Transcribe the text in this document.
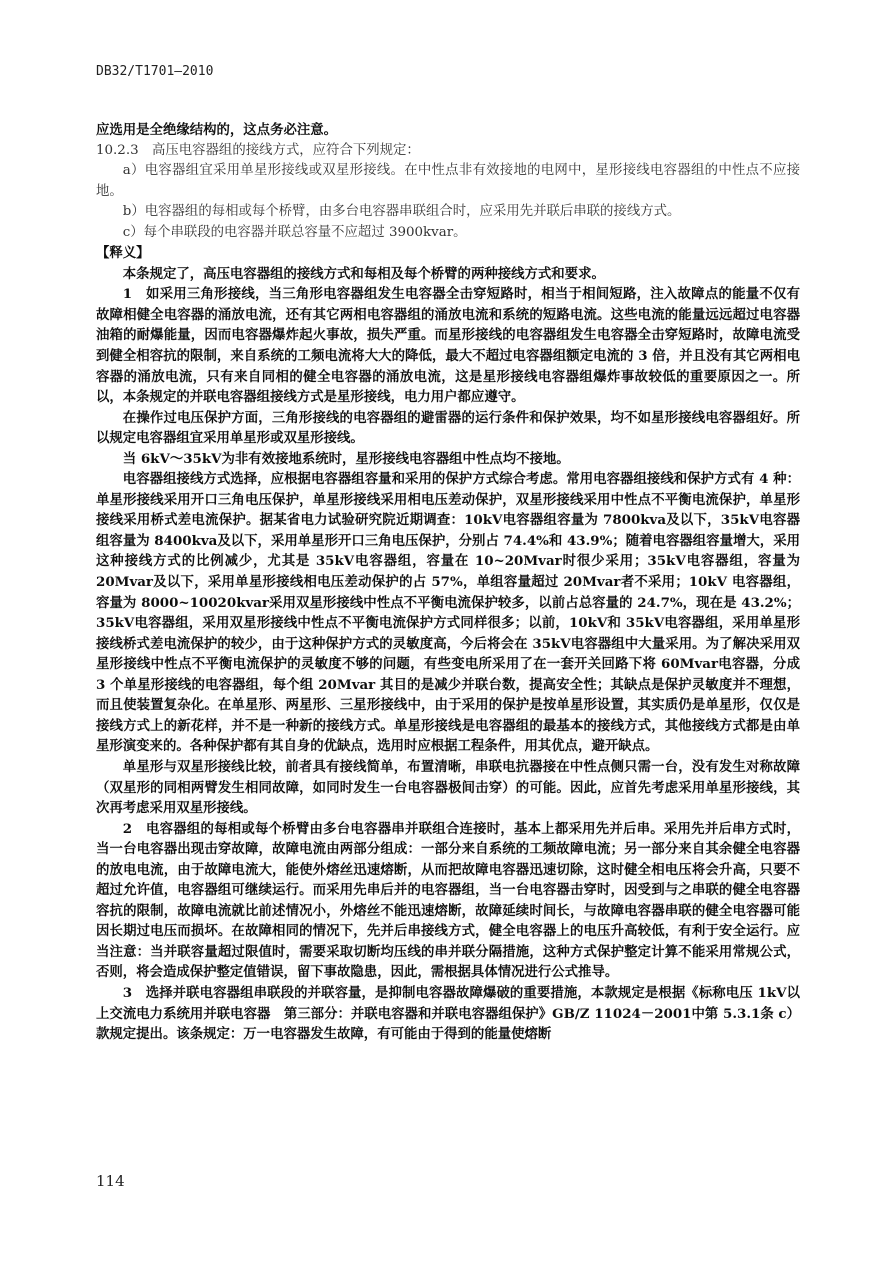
DB32/T1701—2010

应选用是全绝缘结构的，这点务必注意。

10.2.3　高压电容器组的接线方式，应符合下列规定：

a）电容器组宜采用单星形接线或双星形接线。在中性点非有效接地的电网中，星形接线电容器组的中性点不应接地。

b）电容器组的每相或每个桥臂，由多台电容器串联组合时，应采用先并联后串联的接线方式。

c）每个串联段的电容器并联总容量不应超过 3900kvar。

【释义】

本条规定了，高压电容器组的接线方式和每相及每个桥臂的两种接线方式和要求。

1　如采用三角形接线，当三角形电容器组发生电容器全击穿短路时，相当于相间短路，注入故障点的能量不仅有故障相健全电容器的涌放电流，还有其它两相电容器组的涌放电流和系统的短路电流。这些电流的能量远远超过电容器油箱的耐爆能量，因而电容器爆炸起火事故，损失严重。而星形接线的电容器组发生电容器全击穿短路时，故障电流受到健全相容抗的限制，来自系统的工频电流将大大的降低，最大不超过电容器组额定电流的 3 倍，并且没有其它两相电容器的涌放电流，只有来自同相的健全电容器的涌放电流，这是星形接线电容器组爆炸事故较低的重要原因之一。所以，本条规定的并联电容器组接线方式是星形接线，电力用户都应遵守。

在操作过电压保护方面，三角形接线的电容器组的避雷器的运行条件和保护效果，均不如星形接线电容器组好。所以规定电容器组宜采用单星形或双星形接线。

当 6kV～35kV为非有效接地系统时，星形接线电容器组中性点均不接地。

电容器组接线方式选择，应根据电容器组容量和采用的保护方式综合考虑。常用电容器组接线和保护方式有 4 种：单星形接线采用开口三角电压保护，单星形接线采用相电压差动保护，双星形接线采用中性点不平衡电流保护，单星形接线采用桥式差电流保护。据某省电力试验研究院近期调查：10kV电容器组容量为 7800kva及以下，35kV电容器组容量为 8400kva及以下，采用单星形开口三角电压保护，分别占 74.4%和 43.9%；随着电容器组容量增大，采用这种接线方式的比例减少，尤其是 35kV电容器组，容量在 10~20Mvar时很少采用；35kV电容器组，容量为 20Mvar及以下，采用单星形接线相电压差动保护的占 57%，单组容量超过 20Mvar者不采用；10kV 电容器组，容量为 8000~10020kvar采用双星形接线中性点不平衡电流保护较多，以前占总容量的 24.7%，现在是 43.2%；35kV电容器组，采用双星形接线中性点不平衡电流保护方式同样很多；以前，10kV和 35kV电容器组，采用单星形接线桥式差电流保护的较少，由于这种保护方式的灵敏度高，今后将会在 35kV电容器组中大量采用。为了解决采用双星形接线中性点不平衡电流保护的灵敏度不够的问题，有些变电所采用了在一套开关回路下将 60Mvar电容器，分成 3 个单星形接线的电容器组，每个组 20Mvar 其目的是减少并联台数，提高安全性；其缺点是保护灵敏度并不理想，而且使装置复杂化。在单星形、两星形、三星形接线中，由于采用的保护是按单星形设置，其实质仍是单星形，仅仅是接线方式上的新花样，并不是一种新的接线方式。单星形接线是电容器组的最基本的接线方式，其他接线方式都是由单星形演变来的。各种保护都有其自身的优缺点，选用时应根据工程条件，用其优点，避开缺点。

单星形与双星形接线比较，前者具有接线简单，布置清晰，串联电抗器接在中性点侧只需一台，没有发生对称故障（双星形的同相两臂发生相同故障，如同时发生一台电容器极间击穿）的可能。因此，应首先考虑采用单星形接线，其次再考虑采用双星形接线。

2　电容器组的每相或每个桥臂由多台电容器串并联组合连接时，基本上都采用先并后串。采用先并后串方式时，当一台电容器出现击穿故障，故障电流由两部分组成：一部分来自系统的工频故障电流；另一部分来自其余健全电容器的放电电流，由于故障电流大，能使外熔丝迅速熔断，从而把故障电容器迅速切除，这时健全相电压将会升高，只要不超过允许值，电容器组可继续运行。而采用先串后并的电容器组，当一台电容器击穿时，因受到与之串联的健全电容器容抗的限制，故障电流就比前述情况小，外熔丝不能迅速熔断，故障延续时间长，与故障电容器串联的健全电容器可能因长期过电压而损坏。在故障相同的情况下，先并后串接线方式，健全电容器上的电压升高较低，有利于安全运行。应当注意：当并联容量超过限值时，需要采取切断均压线的串并联分隔措施，这种方式保护整定计算不能采用常规公式，否则，将会造成保护整定值错误，留下事故隐患，因此，需根据具体情况进行公式推导。

3　选择并联电容器组串联段的并联容量，是抑制电容器故障爆破的重要措施，本款规定是根据《标称电压 1kV以上交流电力系统用并联电容器　第三部分：并联电容器和并联电容器组保护》GB/Z 11024－2001中第 5.3.1条 c）款规定提出。该条规定：万一电容器发生故障，有可能由于得到的能量使熔断

114
